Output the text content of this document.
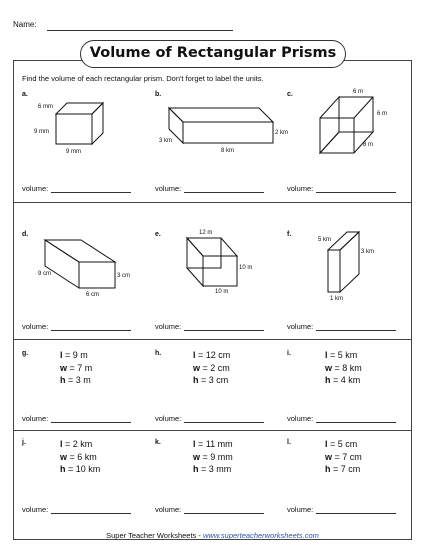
Name:
Volume of Rectangular Prisms
Find the volume of each rectangular prism. Don't forget to label the units.
a.
6 mm
9 mm
9 mm
b.
3 km
8 km
2 km
c.	6 m
6 m
8 m
volume:	volume:	volume:
d.
9 cm
6 cm
3 cm
e.	12 m
10 m
10 m
f.
5 km
3 km
1 km
volume:	volume:	volume:
g.	l = 9 m
w = 7 m
h = 3 m
h.	l = 12 cm
w = 2 cm
h = 3 cm
i.	l = 5 km
w = 8 km
h = 4 km
volume:	volume:	volume:
j.	l = 2 km
w = 6 km
h = 10 km
k.	l = 11 mm
w = 9 mm
h = 3 mm
l.	l = 5 cm
w = 7 cm
h = 7 cm
volume:	volume:	volume:
Super Teacher Worksheets - www.superteacherworksheets.com
